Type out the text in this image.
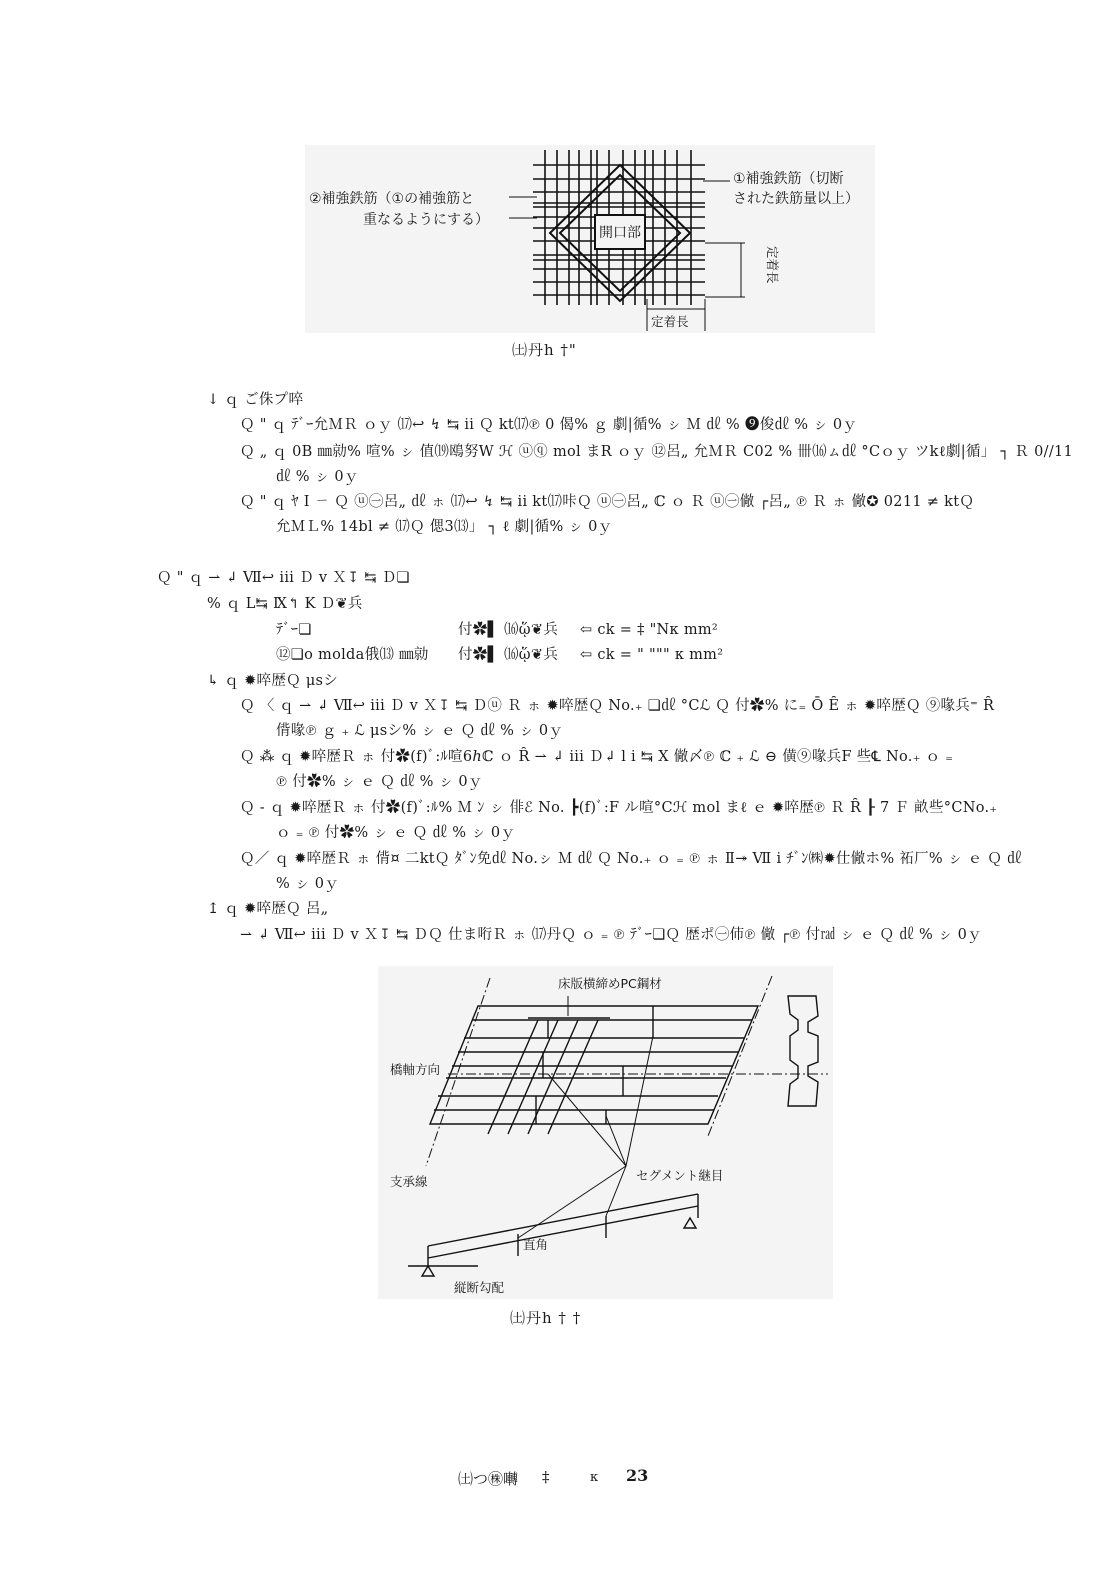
開口部
②補強鉄筋（①の補強筋と
重なるようにする）
①補強鉄筋（切断
された鉄筋量以上）
定着長
定着長
㈯丹h †"
↓ ｑ ご侏プ啐
Ｑ " ｑ ﾃﾞｰ允ＭＲ ｏｙ ⒄↩ ↯ ↹ ii Ｑ kt⒄℗ 0 偈% ｇ 劇|循% ㇱ Ｍ ㎗ % ❾俊㎗ % ㇱ 0ｙ
Ｑ „ ｑ 0B ㎜勍% 喧% ㇱ 值⒆鴎努W ℋ ⓤⓠ mol まR ｏｙ ⑫呂„ 允ＭＲ C02 % 卌⒃ㇺ㎗ °Cｏｙ ツkℓ劇|循」 ┐ Ｒ 0//11
㎗ % ㇱ 0ｙ
Ｑ " ｑ ﾔ I ㄧ Ｑ ⓤ㊀呂„ ㎗ ㇹ ⒄↩ ↯ ↹ ii kt⒄咔Ｑ ⓤ㊀呂„ ℂ ｏ Ｒ ⓤ㊀僘 ┌呂„ ℗ Ｒ ㇹ 僘✪ 0211 ≠ ktＱ
允ＭＬ% 14bl ≠ ⒄Ｑ 偲3⒀」 ┐ ℓ 劇|循% ㇱ 0ｙ
Ｑ " ｑ ⇀ ↲ Ⅶ↩ iii Ｄ v Ｘ↧ ↹ Ｄ❏
% ｑ L↹ Ⅸ↰ K Ｄ❦兵
ﾃﾞｰ❏	付✿▌ ⒃ᾥ❦兵 ⇦ ck = ‡ "Nκ mm²
⑫❏o molda俄⒀ ㎜勍 付✿▌ ⒃ᾥ❦兵 ⇦ ck = " """ κ mm²
↳ ｑ ✹啐歴Ｑ μsシ
Ｑ 〈 ｑ ⇀ ↲ Ⅶ↩ iii Ｄ v Ｘ↧ ↹ Ｄⓤ Ｒ ㇹ ✹啐歴Ｑ No.₊ ❏㎗ °Cℒ Ｑ 付✿% に₌ Ō Ȇ ㇹ ✹啐歴Ｑ ⑨喙兵⁼ Ȓ
偝喙℗ ｇ ₊ ℒ μsシ% ㇱ ｅ Ｑ ㎗ % ㇱ 0ｙ
Ｑ ⁂ ｑ ✹啐歴Ｒ ㇹ 付✿(f)ﾞ:ﾙ喧6ℎℂ ｏ Ȓ ⇀ ↲ iii Ｄ↲ l i ↹ X 僘〆℗ ℂ ₊ ℒ ⊖ 僙⑨喙兵F 些℄ No.₊ ｏ ₌
℗ 付✿% ㇱ ｅ Ｑ ㎗ % ㇱ 0ｙ
Ｑ ‐ ｑ ✹啐歴Ｒ ㇹ 付✿(f)ﾞ:ﾙ% Ｍ ﾝ ㇱ 俳ℰ No. ┣(f)ﾞ:F ル喧°Cℋ mol まℓ ｅ ✹啐歴℗ Ｒ Ȓ ┠ 7 Ｆ 畝些°CNo.₊
ｏ ₌ ℗ 付✿% ㇱ ｅ Ｑ ㎗ % ㇱ 0ｙ
Ｑ／ ｑ ✹啐歴Ｒ ㇹ 偝¤ 二ktＱ ﾀﾞﾝ免㎗ No.ㇱ Ｍ ㎗ Ｑ No.₊ ｏ ₌ ℗ ㇹ Ⅱ↠ Ⅶ i ﾁﾞﾝ㈱✹仕僘ホ% 祏厂% ㇱ ｅ Ｑ ㎗
% ㇱ 0ｙ
↥ ｑ ✹啐歴Ｑ 呂„
⇀ ↲ Ⅶ↩ iii Ｄ v Ｘ↧ ↹ ＤＱ 仕ま哘Ｒ ㇹ ⒄丹Ｑ ｏ ₌ ℗ ﾃﾞｰ❏Ｑ 歴ポ㊀伂℗ 僘 ┌℗ 付㎭ ㇱ ｅ Ｑ ㎗ % ㇱ 0ｙ
床版横締めPC鋼材
橋軸方向
支承線	セグメント継目
直角
縦断勾配
㈯丹h † †
㈯つ㊑囀 ‡	κ 23
